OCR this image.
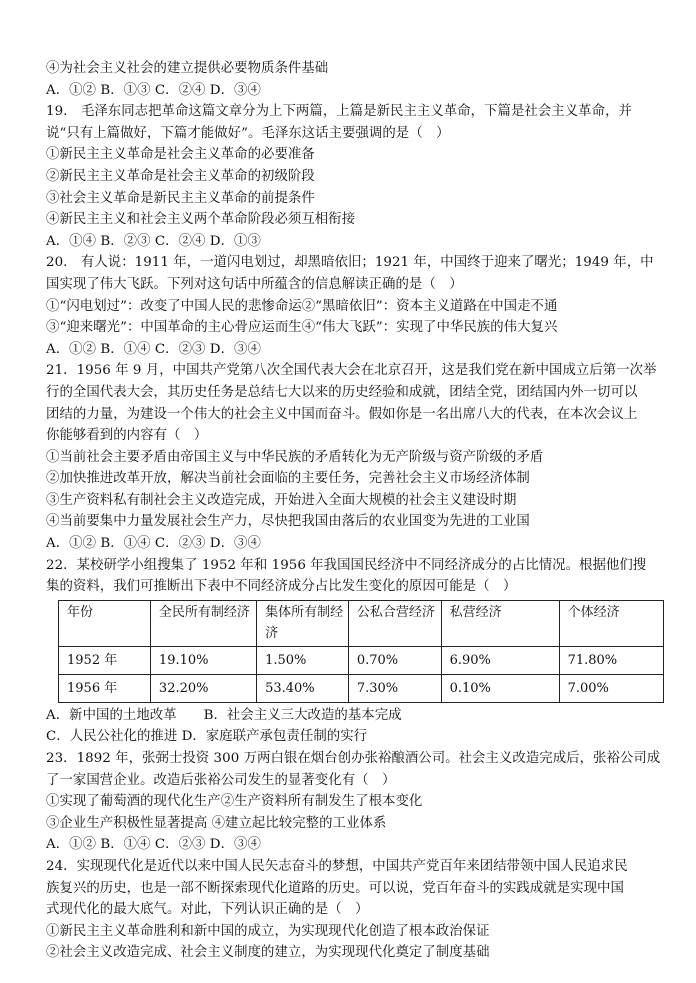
④为社会主义社会的建立提供必要物质条件基础
A．①② B．①③ C．②④ D．③④
19.　毛泽东同志把革命这篇文章分为上下两篇，上篇是新民主主义革命，下篇是社会主义革命，并
说“只有上篇做好，下篇才能做好”。毛泽东这话主要强调的是（　）
①新民主主义革命是社会主义革命的必要准备
②新民主主义革命是社会主义革命的初级阶段
③社会主义革命是新民主主义革命的前提条件
④新民主主义和社会主义两个革命阶段必须互相衔接
A．①④ B．②③ C．②④ D．①③
20.　有人说：1911 年，一道闪电划过，却黑暗依旧；1921 年，中国终于迎来了曙光；1949 年，中
国实现了伟大飞跃。下列对这句话中所蕴含的信息解读正确的是（　）
①“闪电划过”：改变了中国人民的悲惨命运②“黑暗依旧”：资本主义道路在中国走不通
③“迎来曙光”：中国革命的主心骨应运而生④“伟大飞跃”：实现了中华民族的伟大复兴
A．①② B．①④ C．②③ D．③④
21．1956 年 9 月，中国共产党第八次全国代表大会在北京召开，这是我们党在新中国成立后第一次举
行的全国代表大会，其历史任务是总结七大以来的历史经验和成就，团结全党，团结国内外一切可以
团结的力量，为建设一个伟大的社会主义中国而奋斗。假如你是一名出席八大的代表，在本次会议上
你能够看到的内容有（　）
①当前社会主要矛盾由帝国主义与中华民族的矛盾转化为无产阶级与资产阶级的矛盾
②加快推进改革开放，解决当前社会面临的主要任务，完善社会主义市场经济体制
③生产资料私有制社会主义改造完成，开始进入全面大规模的社会主义建设时期
④当前要集中力量发展社会生产力，尽快把我国由落后的农业国变为先进的工业国
A．①② B．①④ C．②③ D．③④
22．某校研学小组搜集了 1952 年和 1956 年我国国民经济中不同经济成分的占比情况。根据他们搜
集的资料，我们可推断出下表中不同经济成分占比发生变化的原因可能是（　）
年份	全民所有制经济	集体所有制经济	公私合营经济	私营经济	个体经济
1952 年	19.10%	1.50%	0.70%	6.90%	71.80%
1956 年	32.20%	53.40%	7.30%	0.10%	7.00%
A．新中国的土地改革　　B．社会主义三大改造的基本完成
C．人民公社化的推进 D．家庭联产承包责任制的实行
23．1892 年，张弼士投资 300 万两白银在烟台创办张裕酿酒公司。社会主义改造完成后，张裕公司成
了一家国营企业。改造后张裕公司发生的显著变化有（　）
①实现了葡萄酒的现代化生产②生产资料所有制发生了根本变化
③企业生产积极性显著提高 ④建立起比较完整的工业体系
A．①② B．①④ C．②③ D．③④
24．实现现代化是近代以来中国人民矢志奋斗的梦想，中国共产党百年来团结带领中国人民追求民
族复兴的历史，也是一部不断探索现代化道路的历史。可以说，党百年奋斗的实践成就是实现中国
式现代化的最大底气。对此，下列认识正确的是（　）
①新民主主义革命胜利和新中国的成立，为实现现代化创造了根本政治保证
②社会主义改造完成、社会主义制度的建立，为实现现代化奠定了制度基础
